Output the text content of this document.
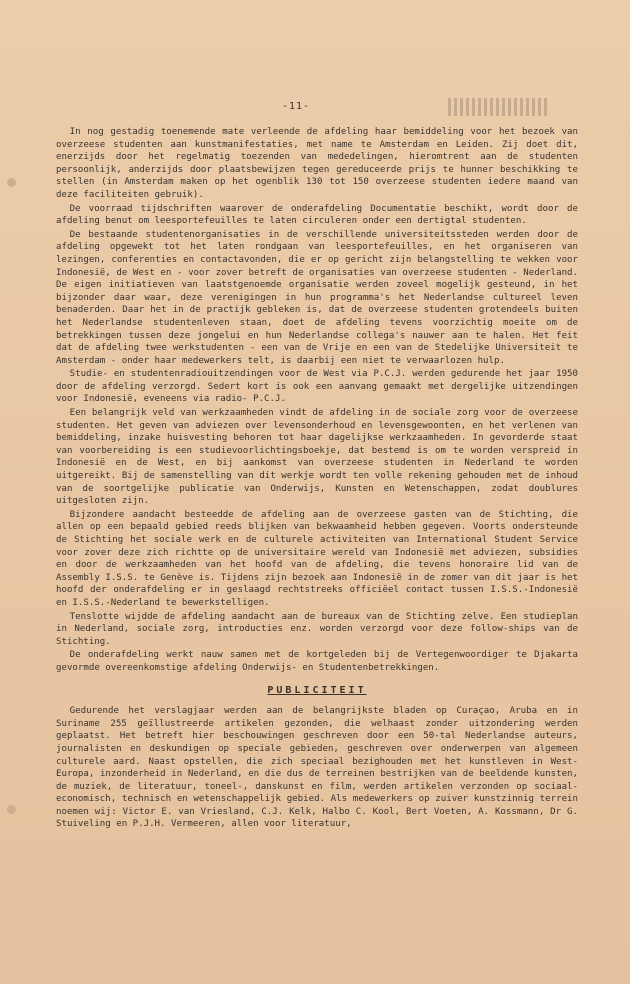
-11-

In nog gestadig toenemende mate verleende de afdeling haar bemiddeling voor het bezoek van overzeese studenten aan kunstmanifestaties, met name te Amsterdam en Leiden. Zij doet dit, enerzijds door het regelmatig toezenden van mededelingen, hieromtrent aan de studenten persoonlijk, anderzijds door plaatsbewijzen tegen gereduceerde prijs te hunner beschikking te stellen (in Amsterdam maken op het ogenblik 130 tot 150 overzeese studenten iedere maand van deze faciliteiten gebruik).

De voorraad tijdschriften waarover de onderafdeling Documentatie beschikt, wordt door de afdeling benut om leesportefeuilles te laten circuleren onder een dertigtal studenten.

De bestaande studentenorganisaties in de verschillende universiteitssteden werden door de afdeling opgewekt tot het laten rondgaan van leesportefeuilles, en het organiseren van lezingen, conferenties en contactavonden, die er op gericht zijn belangstelling te wekken voor Indonesië, de West en - voor zover betreft de organisaties van overzeese studenten - Nederland. De eigen initiatieven van laatstgenoemde organisatie werden zoveel mogelijk gesteund, in het bijzonder daar waar, deze verenigingen in hun programma's het Nederlandse cultureel leven benaderden. Daar het in de practijk gebleken is, dat de overzeese studenten grotendeels buiten het Nederlandse studentenleven staan, doet de afdeling tevens voorzichtig moeite om de betrekkingen tussen deze jongelui en hun Nederlandse collega's nauwer aan te halen. Het feit dat de afdeling twee werkstudenten - een van de Vrije en een van de Stedelijke Universiteit te Amsterdam - onder haar medewerkers telt, is daarbij een niet te verwaarlozen hulp.

Studie- en studentenradiouitzendingen voor de West via P.C.J. werden gedurende het jaar 1950 door de afdeling verzorgd. Sedert kort is ook een aanvang gemaakt met dergelijke uitzendingen voor Indonesië, eveneens via radio- P.C.J.

Een belangrijk veld van werkzaamheden vindt de afdeling in de sociale zorg voor de overzeese studenten. Het geven van adviezen over levensonderhoud en levensgewoonten, en het verlenen van bemiddeling, inzake huisvesting behoren tot haar dagelijkse werkzaamheden. In gevorderde staat van voorbereiding is een studievoorlichtingsboekje, dat bestemd is om te worden verspreid in Indonesië en de West, en bij aankomst van overzeese studenten in Nederland te worden uitgereikt. Bij de samenstelling van dit werkje wordt ten volle rekening gehouden met de inhoud van de soortgelijke publicatie van Onderwijs, Kunsten en Wetenschappen, zodat doublures uitgesloten zijn.

Bijzondere aandacht besteedde de afdeling aan de overzeese gasten van de Stichting, die allen op een bepaald gebied reeds blijken van bekwaamheid hebben gegeven. Voorts ondersteunde de Stichting het sociale werk en de culturele activiteiten van International Student Service voor zover deze zich richtte op de universitaire wereld van Indonesië met adviezen, subsidies en door de werkzaamheden van het hoofd van de afdeling, die tevens honoraire lid van de Assembly I.S.S. te Genève is. Tijdens zijn bezoek aan Indonesië in de zomer van dit jaar is het hoofd der onderafdeling er in geslaagd rechtstreeks officiëel contact tussen I.S.S.-Indonesië en I.S.S.-Nederland te bewerkstelligen.

Tenslotte wijdde de afdeling aandacht aan de bureaux van de Stichting zelve. Een studieplan in Nederland, sociale zorg, introducties enz. worden verzorgd voor deze follow-ships van de Stichting.

De onderafdeling werkt nauw samen met de kortgeleden bij de Vertegenwoordiger te Djakarta gevormde overeenkomstige afdeling Onderwijs- en Studentenbetrekkingen.

PUBLICITEIT

Gedurende het verslagjaar werden aan de belangrijkste bladen op Curaçao, Aruba en in Suriname 255 geïllustreerde artikelen gezonden, die welhaast zonder uitzondering werden geplaatst. Het betreft hier beschouwingen geschreven door een 50-tal Nederlandse auteurs, journalisten en deskundigen op speciale gebieden, geschreven over onderwerpen van algemeen culturele aard. Naast opstellen, die zich speciaal bezighouden met het kunstleven in West-Europa, inzonderheid in Nederland, en die dus de terreinen bestrijken van de beeldende kunsten, de muziek, de literatuur, toneel-, danskunst en film, werden artikelen verzonden op sociaal-economisch, technisch en wetenschappelijk gebied. Als medewerkers op zuiver kunstzinnig terrein noemen wij: Victor E. van Vriesland, C.J. Kelk, Halbo C. Kool, Bert Voeten, A. Kossmann, Dr G. Stuiveling en P.J.H. Vermeeren, allen voor literatuur,
